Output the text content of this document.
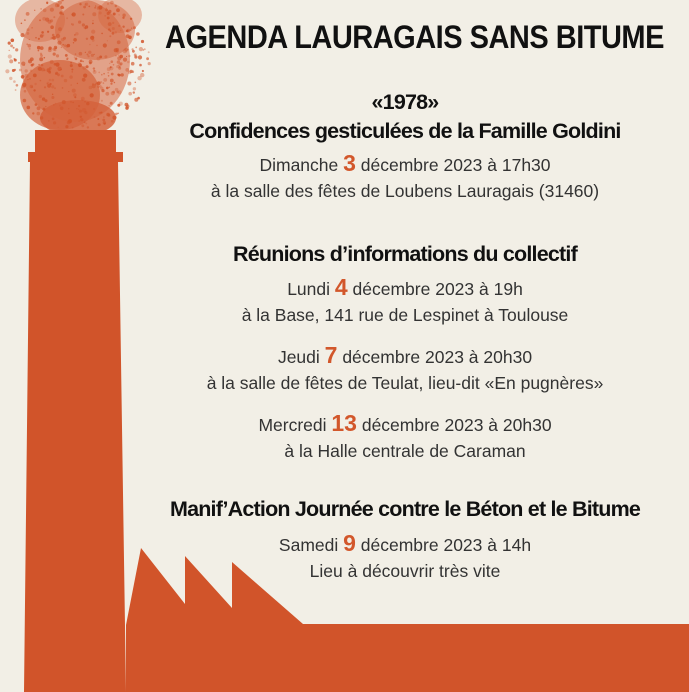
AGENDA LAURAGAIS SANS BITUME
«1978»
Confidences gesticulées de la Famille Goldini
Dimanche 3 décembre 2023 à 17h30
à la salle des fêtes de Loubens Lauragais (31460)
Réunions d’informations du collectif
Lundi 4 décembre 2023 à 19h
à la Base, 141 rue de Lespinet à Toulouse
Jeudi 7 décembre 2023 à 20h30
à la salle de fêtes de Teulat, lieu-dit «En pugnères»
Mercredi 13 décembre 2023 à 20h30
à la Halle centrale de Caraman
Manif’Action Journée contre le Béton et le Bitume
Samedi 9 décembre 2023 à 14h
Lieu à découvrir très vite
